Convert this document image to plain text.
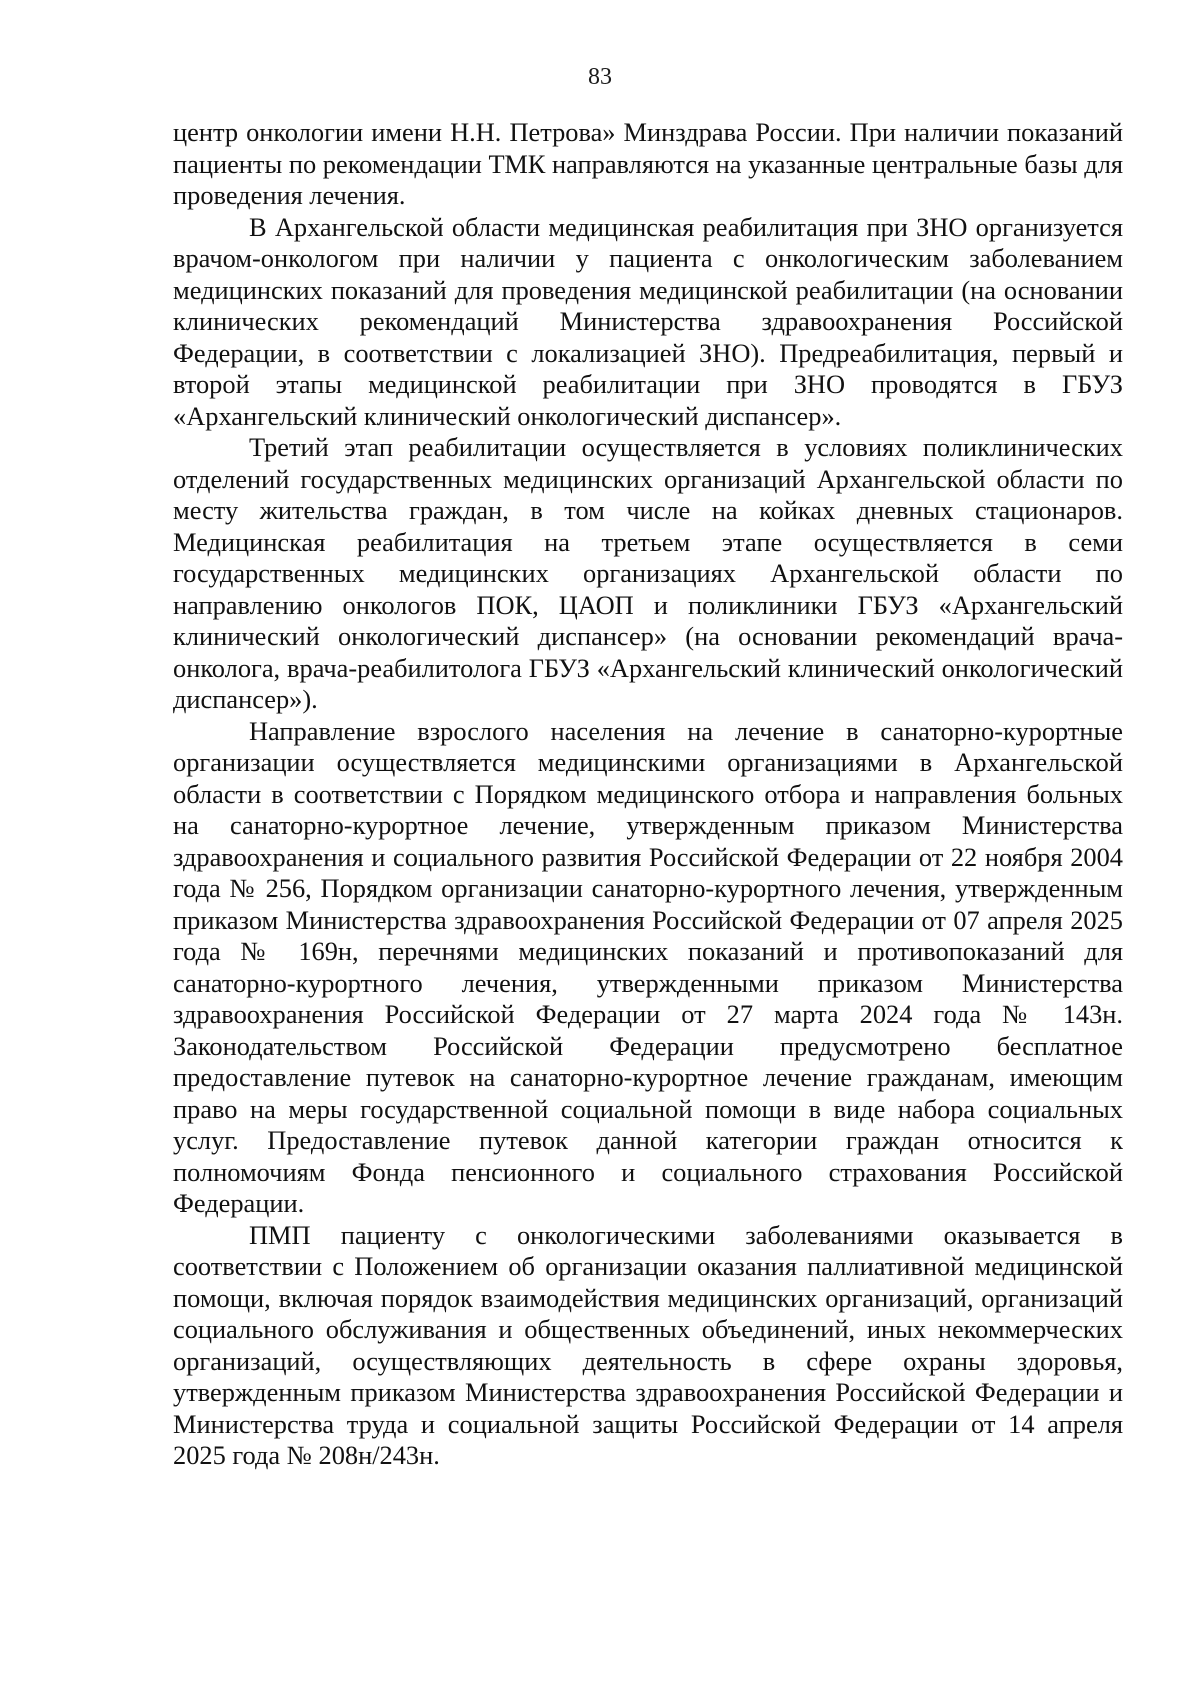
83

центр онкологии имени Н.Н. Петрова» Минздрава России. При наличии показаний пациенты по рекомендации ТМК направляются на указанные центральные базы для проведения лечения.

В Архангельской области медицинская реабилитация при ЗНО организуется врачом-онкологом при наличии у пациента с онкологическим заболеванием медицинских показаний для проведения медицинской реабилитации (на основании клинических рекомендаций Министерства здравоохранения Российской Федерации, в соответствии с локализацией ЗНО). Предреабилитация, первый и второй этапы медицинской реабилитации при ЗНО проводятся в ГБУЗ «Архангельский клинический онкологический диспансер».

Третий этап реабилитации осуществляется в условиях поликлинических отделений государственных медицинских организаций Архангельской области по месту жительства граждан, в том числе на койках дневных стационаров. Медицинская реабилитация на третьем этапе осуществляется в семи государственных медицинских организациях Архангельской области по направлению онкологов ПОК, ЦАОП и поликлиники ГБУЗ «Архангельский клинический онкологический диспансер» (на основании рекомендаций врача-онколога, врача-реабилитолога ГБУЗ «Архангельский клинический онкологический диспансер»).

Направление взрослого населения на лечение в санаторно-курортные организации осуществляется медицинскими организациями в Архангельской области в соответствии с Порядком медицинского отбора и направления больных на санаторно-курортное лечение, утвержденным приказом Министерства здравоохранения и социального развития Российской Федерации от 22 ноября 2004 года № 256, Порядком организации санаторно-курортного лечения, утвержденным приказом Министерства здравоохранения Российской Федерации от 07 апреля 2025 года № 169н, перечнями медицинских показаний и противопоказаний для санаторно-курортного лечения, утвержденными приказом Министерства здравоохранения Российской Федерации от 27 марта 2024 года № 143н. Законодательством Российской Федерации предусмотрено бесплатное предоставление путевок на санаторно-курортное лечение гражданам, имеющим право на меры государственной социальной помощи в виде набора социальных услуг. Предоставление путевок данной категории граждан относится к полномочиям Фонда пенсионного и социального страхования Российской Федерации.

ПМП пациенту с онкологическими заболеваниями оказывается в соответствии с Положением об организации оказания паллиативной медицинской помощи, включая порядок взаимодействия медицинских организаций, организаций социального обслуживания и общественных объединений, иных некоммерческих организаций, осуществляющих деятельность в сфере охраны здоровья, утвержденным приказом Министерства здравоохранения Российской Федерации и Министерства труда и социальной защиты Российской Федерации от 14 апреля 2025 года № 208н/243н.
